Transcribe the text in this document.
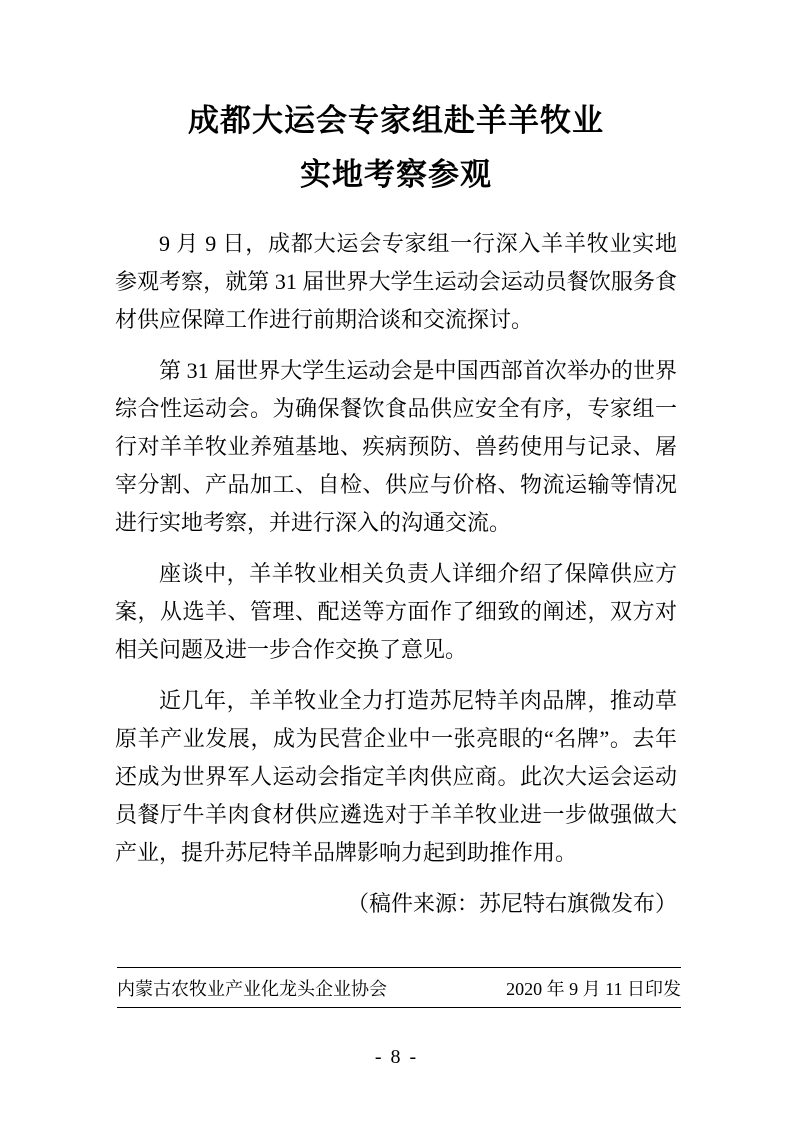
成都大运会专家组赴羊羊牧业
实地考察参观

9 月 9 日，成都大运会专家组一行深入羊羊牧业实地参观考察，就第 31 届世界大学生运动会运动员餐饮服务食材供应保障工作进行前期洽谈和交流探讨。

第 31 届世界大学生运动会是中国西部首次举办的世界综合性运动会。为确保餐饮食品供应安全有序，专家组一行对羊羊牧业养殖基地、疾病预防、兽药使用与记录、屠宰分割、产品加工、自检、供应与价格、物流运输等情况进行实地考察，并进行深入的沟通交流。

座谈中，羊羊牧业相关负责人详细介绍了保障供应方案，从选羊、管理、配送等方面作了细致的阐述，双方对相关问题及进一步合作交换了意见。

近几年，羊羊牧业全力打造苏尼特羊肉品牌，推动草原羊产业发展，成为民营企业中一张亮眼的“名牌”。去年还成为世界军人运动会指定羊肉供应商。此次大运会运动员餐厅牛羊肉食材供应遴选对于羊羊牧业进一步做强做大产业，提升苏尼特羊品牌影响力起到助推作用。

（稿件来源：苏尼特右旗微发布）

内蒙古农牧业产业化龙头企业协会	2020 年 9 月 11 日印发
- 8 -
